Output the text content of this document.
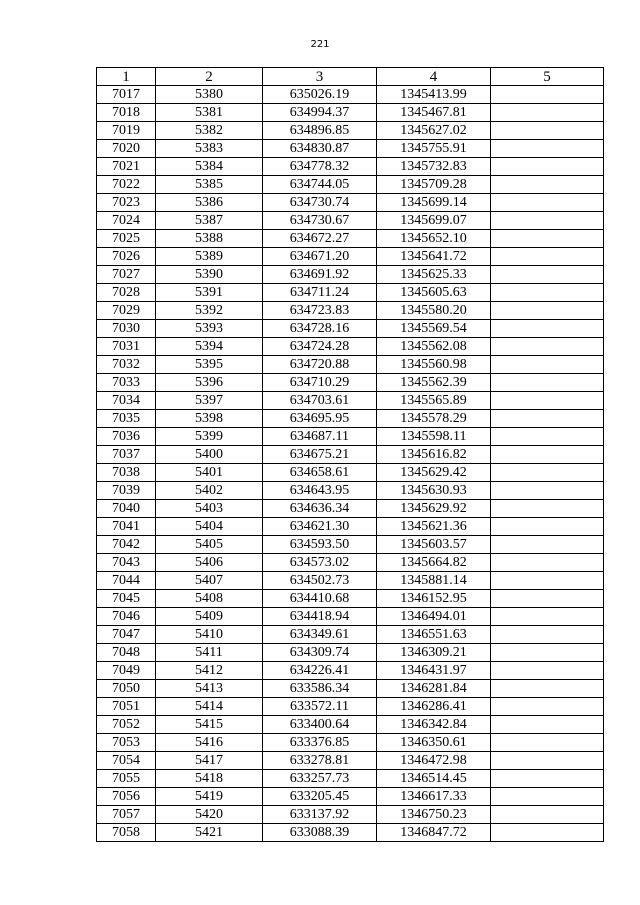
221
1	2	3	4	5
7017	5380	635026.19	1345413.99	
7018	5381	634994.37	1345467.81	
7019	5382	634896.85	1345627.02	
7020	5383	634830.87	1345755.91	
7021	5384	634778.32	1345732.83	
7022	5385	634744.05	1345709.28	
7023	5386	634730.74	1345699.14	
7024	5387	634730.67	1345699.07	
7025	5388	634672.27	1345652.10	
7026	5389	634671.20	1345641.72	
7027	5390	634691.92	1345625.33	
7028	5391	634711.24	1345605.63	
7029	5392	634723.83	1345580.20	
7030	5393	634728.16	1345569.54	
7031	5394	634724.28	1345562.08	
7032	5395	634720.88	1345560.98	
7033	5396	634710.29	1345562.39	
7034	5397	634703.61	1345565.89	
7035	5398	634695.95	1345578.29	
7036	5399	634687.11	1345598.11	
7037	5400	634675.21	1345616.82	
7038	5401	634658.61	1345629.42	
7039	5402	634643.95	1345630.93	
7040	5403	634636.34	1345629.92	
7041	5404	634621.30	1345621.36	
7042	5405	634593.50	1345603.57	
7043	5406	634573.02	1345664.82	
7044	5407	634502.73	1345881.14	
7045	5408	634410.68	1346152.95	
7046	5409	634418.94	1346494.01	
7047	5410	634349.61	1346551.63	
7048	5411	634309.74	1346309.21	
7049	5412	634226.41	1346431.97	
7050	5413	633586.34	1346281.84	
7051	5414	633572.11	1346286.41	
7052	5415	633400.64	1346342.84	
7053	5416	633376.85	1346350.61	
7054	5417	633278.81	1346472.98	
7055	5418	633257.73	1346514.45	
7056	5419	633205.45	1346617.33	
7057	5420	633137.92	1346750.23	
7058	5421	633088.39	1346847.72	
